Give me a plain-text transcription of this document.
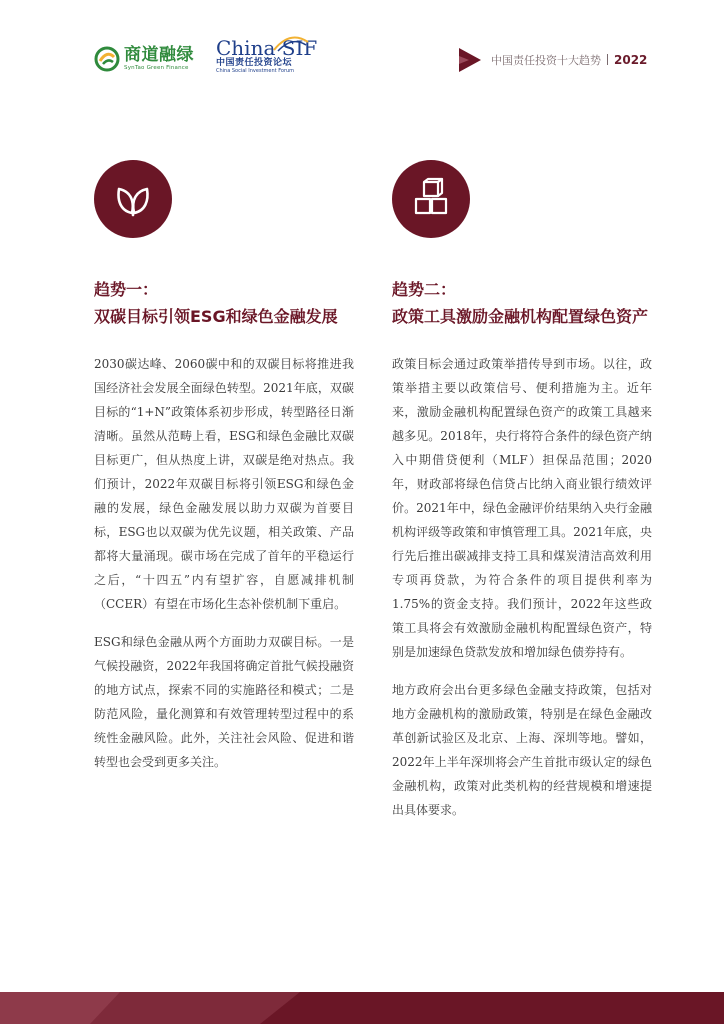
商道融绿
SynTao Green Finance
China SIF
中国责任投资论坛
China Social Investment Forum
中国责任投资十大趋势 2022
趋势一：
双碳目标引领ESG和绿色金融发展

2030碳达峰、2060碳中和的双碳目标将推进我国经济社会发展全面绿色转型。2021年底，双碳目标的“1+N”政策体系初步形成，转型路径日渐清晰。虽然从范畴上看，ESG和绿色金融比双碳目标更广，但从热度上讲，双碳是绝对热点。我们预计，2022年双碳目标将引领ESG和绿色金融的发展，绿色金融发展以助力双碳为首要目标，ESG也以双碳为优先议题，相关政策、产品都将大量涌现。碳市场在完成了首年的平稳运行之后，“十四五”内有望扩容，自愿减排机制（CCER）有望在市场化生态补偿机制下重启。

ESG和绿色金融从两个方面助力双碳目标。一是气候投融资，2022年我国将确定首批气候投融资的地方试点，探索不同的实施路径和模式；二是防范风险，量化测算和有效管理转型过程中的系统性金融风险。此外，关注社会风险、促进和谐转型也会受到更多关注。

趋势二：
政策工具激励金融机构配置绿色资产

政策目标会通过政策举措传导到市场。以往，政策举措主要以政策信号、便利措施为主。近年来，激励金融机构配置绿色资产的政策工具越来越多见。2018年，央行将符合条件的绿色资产纳入中期借贷便利（MLF）担保品范围；2020年，财政部将绿色信贷占比纳入商业银行绩效评价。2021年中，绿色金融评价结果纳入央行金融机构评级等政策和审慎管理工具。2021年底，央行先后推出碳减排支持工具和煤炭清洁高效利用专项再贷款，为符合条件的项目提供利率为1.75%的资金支持。我们预计，2022年这些政策工具将会有效激励金融机构配置绿色资产，特别是加速绿色贷款发放和增加绿色债券持有。

地方政府会出台更多绿色金融支持政策，包括对地方金融机构的激励政策，特别是在绿色金融改革创新试验区及北京、上海、深圳等地。譬如，2022年上半年深圳将会产生首批市级认定的绿色金融机构，政策对此类机构的经营规模和增速提出具体要求。
